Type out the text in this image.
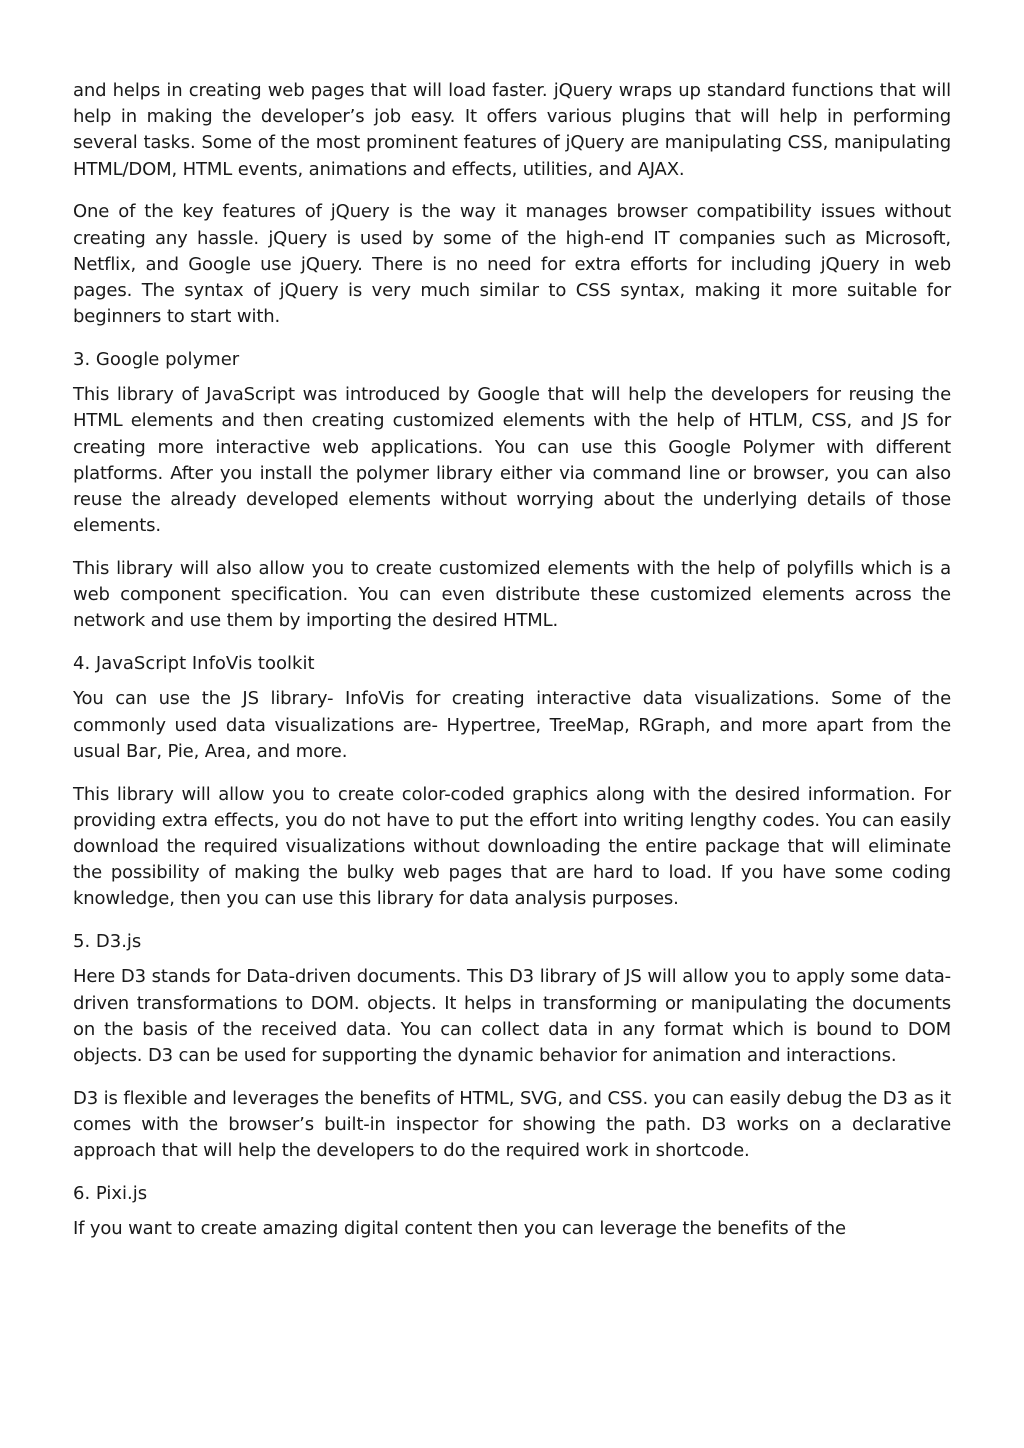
and helps in creating web pages that will load faster. jQuery wraps up standard functions that will help in making the developer’s job easy. It offers various plugins that will help in performing several tasks. Some of the most prominent features of jQuery are manipulating CSS, manipulating HTML/DOM, HTML events, animations and effects, utilities, and AJAX.

One of the key features of jQuery is the way it manages browser compatibility issues without creating any hassle. jQuery is used by some of the high-end IT companies such as Microsoft, Netflix, and Google use jQuery. There is no need for extra efforts for including jQuery in web pages. The syntax of jQuery is very much similar to CSS syntax, making it more suitable for beginners to start with.

3. Google polymer

This library of JavaScript was introduced by Google that will help the developers for reusing the HTML elements and then creating customized elements with the help of HTLM, CSS, and JS for creating more interactive web applications. You can use this Google Polymer with different platforms. After you install the polymer library either via command line or browser, you can also reuse the already developed elements without worrying about the underlying details of those elements.

This library will also allow you to create customized elements with the help of polyfills which is a web component specification. You can even distribute these customized elements across the network and use them by importing the desired HTML.

4. JavaScript InfoVis toolkit

You can use the JS library- InfoVis for creating interactive data visualizations. Some of the commonly used data visualizations are- Hypertree, TreeMap, RGraph, and more apart from the usual Bar, Pie, Area, and more.

This library will allow you to create color-coded graphics along with the desired information. For providing extra effects, you do not have to put the effort into writing lengthy codes. You can easily download the required visualizations without downloading the entire package that will eliminate the possibility of making the bulky web pages that are hard to load. If you have some coding knowledge, then you can use this library for data analysis purposes.

5. D3.js

Here D3 stands for Data-driven documents. This D3 library of JS will allow you to apply some data-driven transformations to DOM. objects. It helps in transforming or manipulating the documents on the basis of the received data. You can collect data in any format which is bound to DOM objects. D3 can be used for supporting the dynamic behavior for animation and interactions.

D3 is flexible and leverages the benefits of HTML, SVG, and CSS. you can easily debug the D3 as it comes with the browser’s built-in inspector for showing the path. D3 works on a declarative approach that will help the developers to do the required work in shortcode.

6. Pixi.js

If you want to create amazing digital content then you can leverage the benefits of the
